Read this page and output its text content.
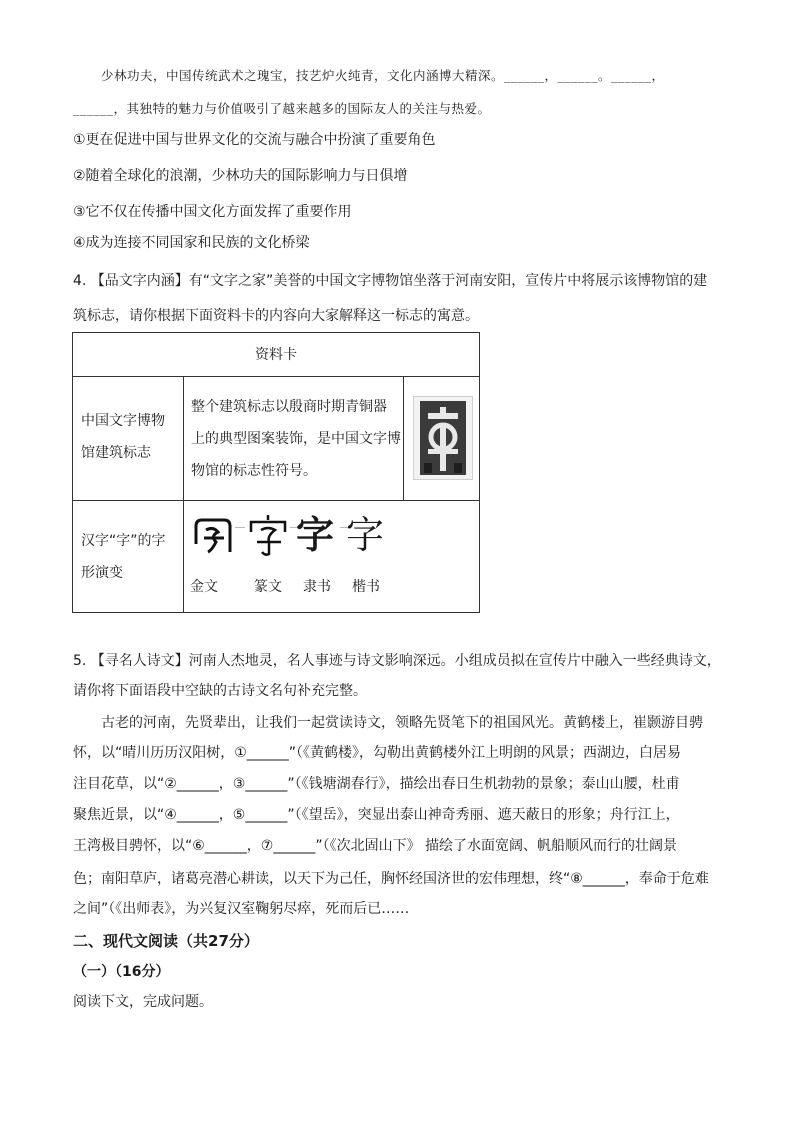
少林功夫，中国传统武术之瑰宝，技艺炉火纯青，文化内涵博大精深。______，______。______，
______，其独特的魅力与价值吸引了越来越多的国际友人的关注与热爱。
①更在促进中国与世界文化的交流与融合中扮演了重要角色
②随着全球化的浪潮，少林功夫的国际影响力与日俱增
③它不仅在传播中国文化方面发挥了重要作用
④成为连接不同国家和民族的文化桥梁
4. 【品文字内涵】有“文字之家”美誉的中国文字博物馆坐落于河南安阳，宣传片中将展示该博物馆的建
筑标志，请你根据下面资料卡的内容向大家解释这一标志的寓意。
资料卡
中国文字博物
馆建筑标志
整个建筑标志以殷商时期青铜器
上的典型图案装饰，是中国文字博
物馆的标志性符号。
汉字“字”的字
形演变
字 字
金文	篆文 隶书 楷书
5. 【寻名人诗文】河南人杰地灵，名人事迹与诗文影响深远。小组成员拟在宣传片中融入一些经典诗文，
请你将下面语段中空缺的古诗文名句补充完整。
古老的河南，先贤辈出，让我们一起赏读诗文，领略先贤笔下的祖国风光。黄鹤楼上，崔颢游目骋
怀，以“晴川历历汉阳树，①______”（《黄鹤楼》，勾勒出黄鹤楼外江上明朗的风景；西湖边，白居易
注目花草，以“②______，③______”（《钱塘湖春行》，描绘出春日生机勃勃的景象；泰山山腰，杜甫
聚焦近景，以“④______，⑤______”（《望岳》，突显出泰山神奇秀丽、遮天蔽日的形象；舟行江上，
王湾极目骋怀，以“⑥______，⑦______”（《次北固山下》 描绘了水面宽阔、帆船顺风而行的壮阔景
色；南阳草庐，诸葛亮潜心耕读，以天下为己任，胸怀经国济世的宏伟理想，终“⑧______，奉命于危难
之间”（《出师表》，为兴复汉室鞠躬尽瘁，死而后已……
二、现代文阅读（共27分）
（一）（16分）
阅读下文，完成问题。
